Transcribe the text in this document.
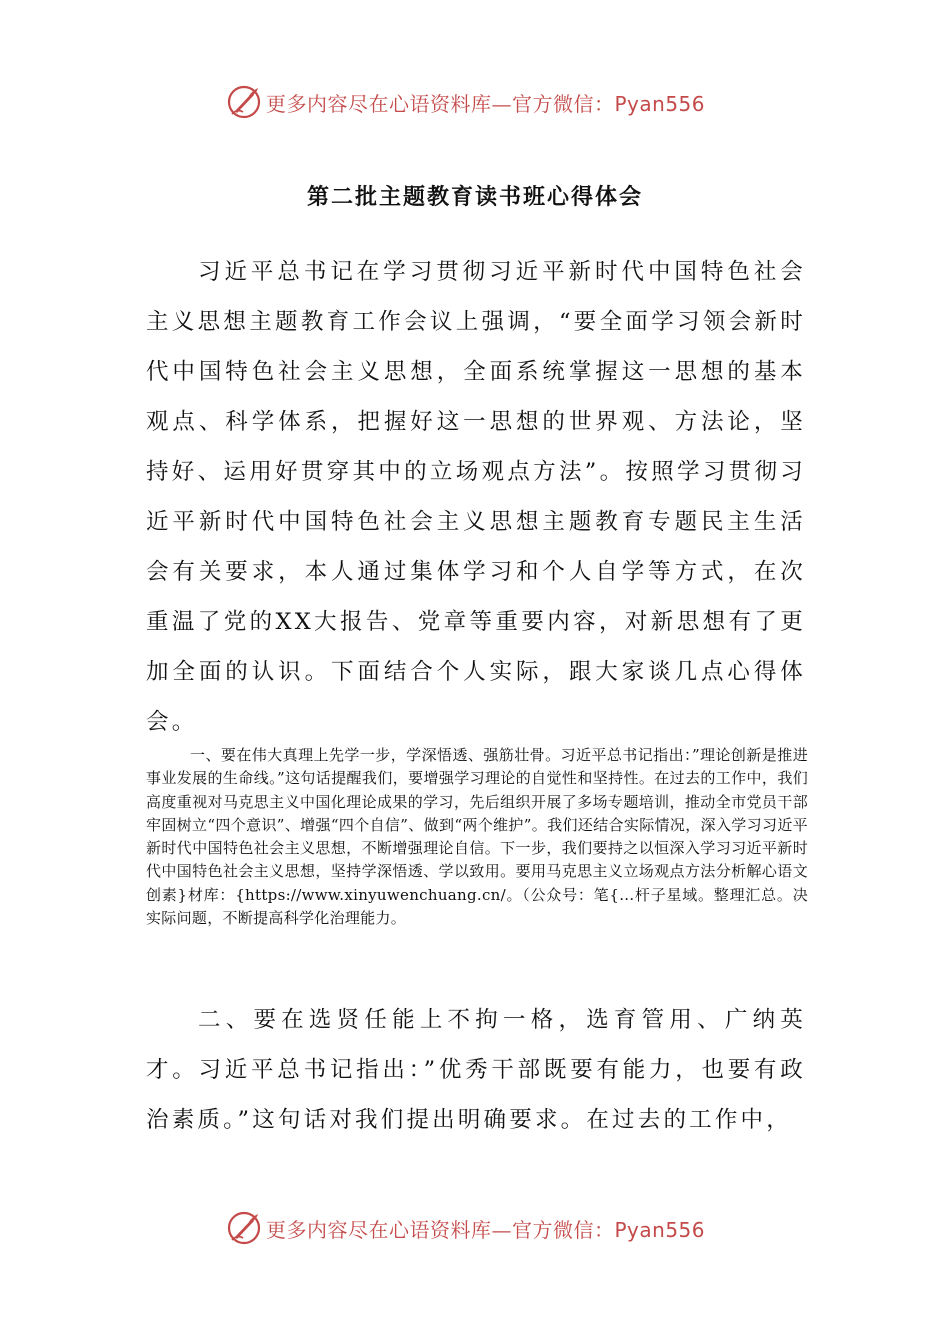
更多内容尽在心语资料库—官方微信：Pyan556
第二批主题教育读书班心得体会

习近平总书记在学习贯彻习近平新时代中国特色社会主义思想主题教育工作会议上强调，“要全面学习领会新时代中国特色社会主义思想，全面系统掌握这一思想的基本观点、科学体系，把握好这一思想的世界观、方法论，坚持好、运用好贯穿其中的立场观点方法”。按照学习贯彻习近平新时代中国特色社会主义思想主题教育专题民主生活会有关要求，本人通过集体学习和个人自学等方式，在次重温了党的XX大报告、党章等重要内容，对新思想有了更加全面的认识。下面结合个人实际，跟大家谈几点心得体会。

一、要在伟大真理上先学一步，学深悟透、强筋壮骨。习近平总书记指出：”理论创新是推进事业发展的生命线。”这句话提醒我们，要增强学习理论的自觉性和坚持性。在过去的工作中，我们高度重视对马克思主义中国化理论成果的学习，先后组织开展了多场专题培训，推动全市党员干部牢固树立“四个意识”、增强“四个自信”、做到“两个维护”。我们还结合实际情况，深入学习习近平新时代中国特色社会主义思想，不断增强理论自信。下一步，我们要持之以恒深入学习习近平新时代中国特色社会主义思想，坚持学深悟透、学以致用。要用马克思主义立场观点方法分析解心语文创素}材库：{https://www.xinyuwenchuang.cn/。（公众号：笔{...杆子星域。整理汇总。决实际问题，不断提高科学化治理能力。

二、要在选贤任能上不拘一格，选育管用、广纳英才。习近平总书记指出：”优秀干部既要有能力，也要有政治素质。”这句话对我们提出明确要求。在过去的工作中，

更多内容尽在心语资料库—官方微信：Pyan556
